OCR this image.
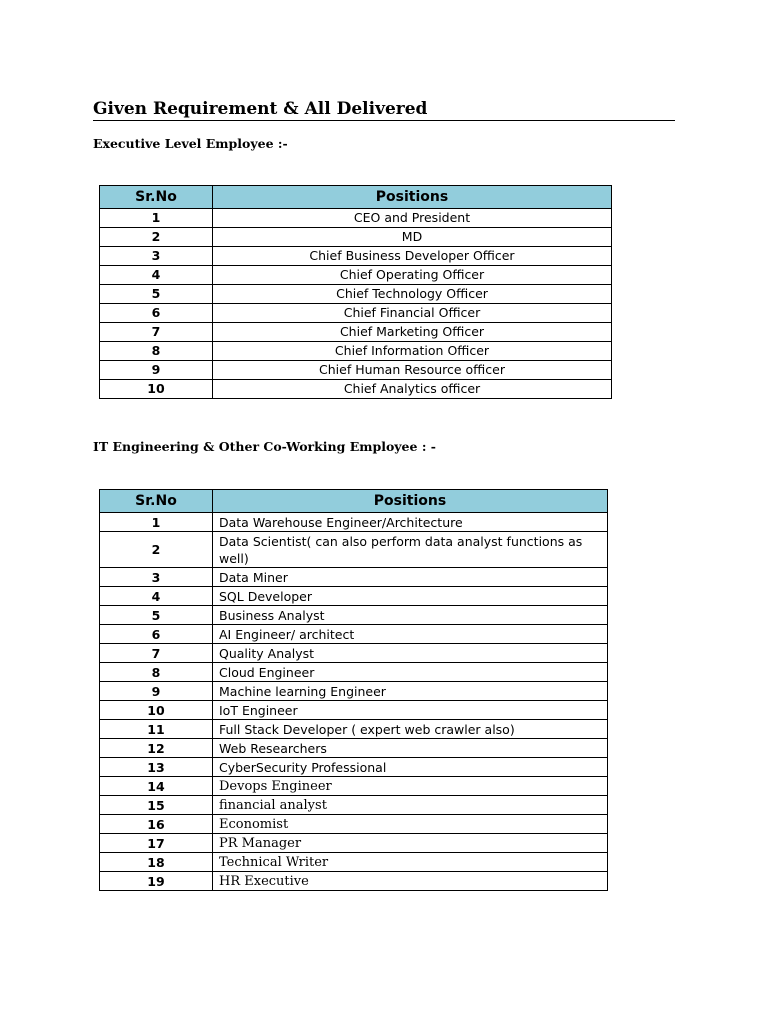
Given Requirement & All Delivered
Executive Level Employee :-
Sr.No	Positions
1	CEO and President
2	MD
3	Chief Business Developer Officer
4	Chief Operating Officer
5	Chief Technology Officer
6	Chief Financial Officer
7	Chief Marketing Officer
8	Chief Information Officer
9	Chief Human Resource officer
10	Chief Analytics officer
IT Engineering & Other Co-Working Employee : -
Sr.No	Positions
1	Data Warehouse Engineer/Architecture
2	Data Scientist( can also perform data analyst functions as well)
3	Data Miner
4	SQL Developer
5	Business Analyst
6	AI Engineer/ architect
7	Quality Analyst
8	Cloud Engineer
9	Machine learning Engineer
10	IoT Engineer
11	Full Stack Developer ( expert web crawler also)
12	Web Researchers
13	CyberSecurity Professional
14	Devops Engineer
15	financial analyst
16	Economist
17	PR Manager
18	Technical Writer
19	HR Executive
